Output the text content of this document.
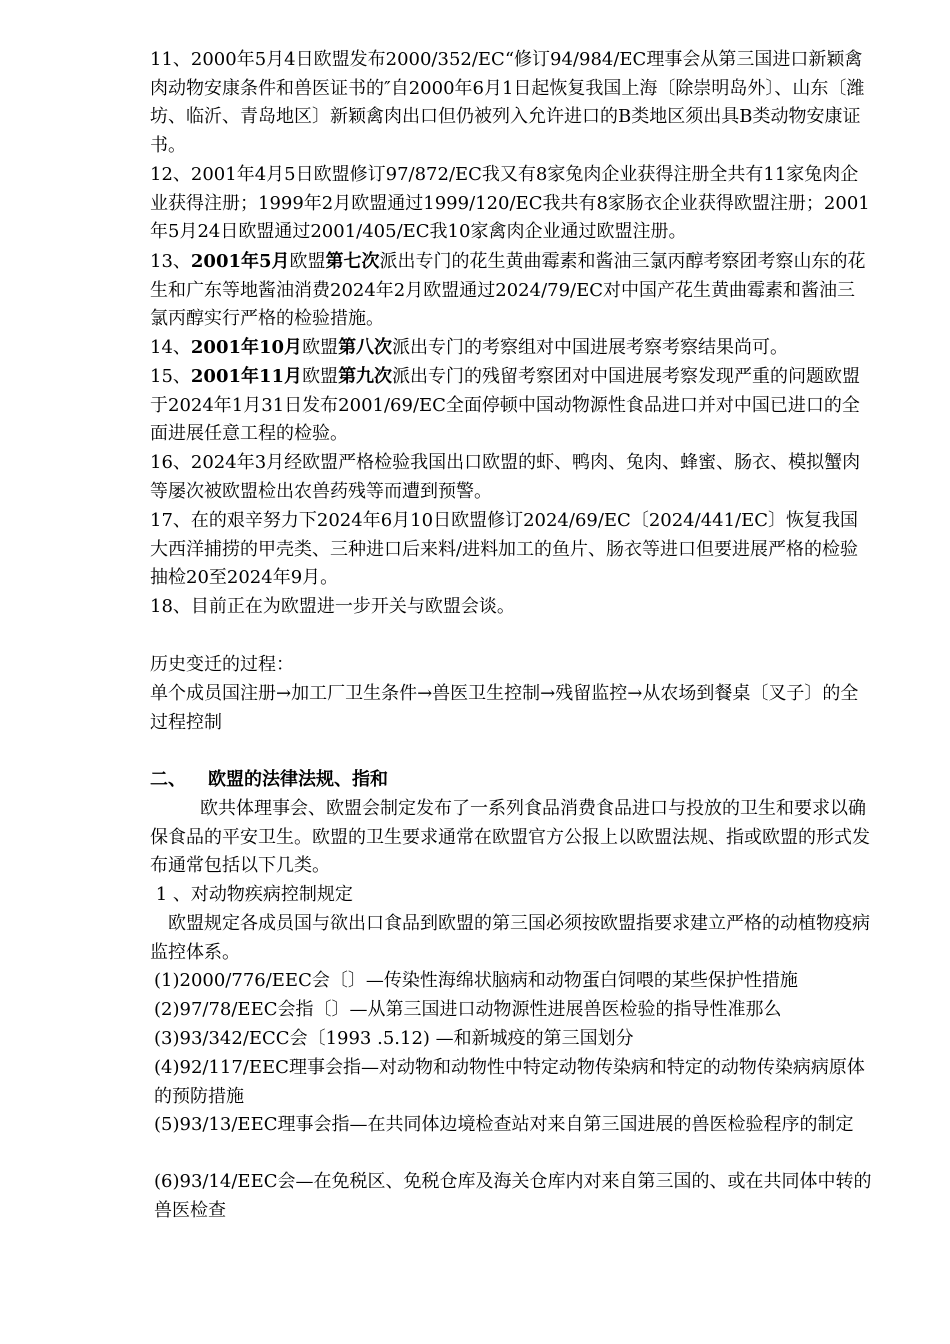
11、2000年5月4日欧盟发布2000/352/EC“修订94/984/EC理事会从第三国进口新颖禽肉动物安康条件和兽医证书的″自2000年6月1日起恢复我国上海〔除崇明岛外〕、山东〔潍坊、临沂、青岛地区〕新颖禽肉出口但仍被列入允许进口的B类地区须出具B类动物安康证书。

12、2001年4月5日欧盟修订97/872/EC我又有8家兔肉企业获得注册全共有11家兔肉企业获得注册；1999年2月欧盟通过1999/120/EC我共有8家肠衣企业获得欧盟注册；2001年5月24日欧盟通过2001/405/EC我10家禽肉企业通过欧盟注册。

13、2001年5月欧盟第七次派出专门的花生黄曲霉素和酱油三氯丙醇考察团考察山东的花生和广东等地酱油消费2024年2月欧盟通过2024/79/EC对中国产花生黄曲霉素和酱油三氯丙醇实行严格的检验措施。

14、2001年10月欧盟第八次派出专门的考察组对中国进展考察考察结果尚可。

15、2001年11月欧盟第九次派出专门的残留考察团对中国进展考察发现严重的问题欧盟于2024年1月31日发布2001/69/EC全面停顿中国动物源性食品进口并对中国已进口的全面进展任意工程的检验。

16、2024年3月经欧盟严格检验我国出口欧盟的虾、鸭肉、兔肉、蜂蜜、肠衣、模拟蟹肉等屡次被欧盟检出农兽药残等而遭到预警。

17、在的艰辛努力下2024年6月10日欧盟修订2024/69/EC〔2024/441/EC〕恢复我国大西洋捕捞的甲壳类、三种进口后来料/进料加工的鱼片、肠衣等进口但要进展严格的检验抽检20至2024年9月。

18、目前正在为欧盟进一步开关与欧盟会谈。

历史变迁的过程：

单个成员国注册→加工厂卫生条件→兽医卫生控制→残留监控→从农场到餐桌〔叉子〕的全过程控制

二、 欧盟的法律法规、指和

欧共体理事会、欧盟会制定发布了一系列食品消费食品进口与投放的卫生和要求以确保食品的平安卫生。欧盟的卫生要求通常在欧盟官方公报上以欧盟法规、指或欧盟的形式发布通常包括以下几类。

1 、对动物疾病控制规定

欧盟规定各成员国与欲出口食品到欧盟的第三国必须按欧盟指要求建立严格的动植物疫病监控体系。

(1)2000/776/EEC会〔〕—传染性海绵状脑病和动物蛋白饲喂的某些保护性措施

(2)97/78/EEC会指〔〕—从第三国进口动物源性进展兽医检验的指导性准那么

(3)93/342/ECC会〔1993 .5.12) —和新城疫的第三国划分

(4)92/117/EEC理事会指—对动物和动物性中特定动物传染病和特定的动物传染病病原体的预防措施

(5)93/13/EEC理事会指—在共同体边境检查站对来自第三国进展的兽医检验程序的制定

(6)93/14/EEC会—在免税区、免税仓库及海关仓库内对来自第三国的、或在共同体中转的兽医检查
